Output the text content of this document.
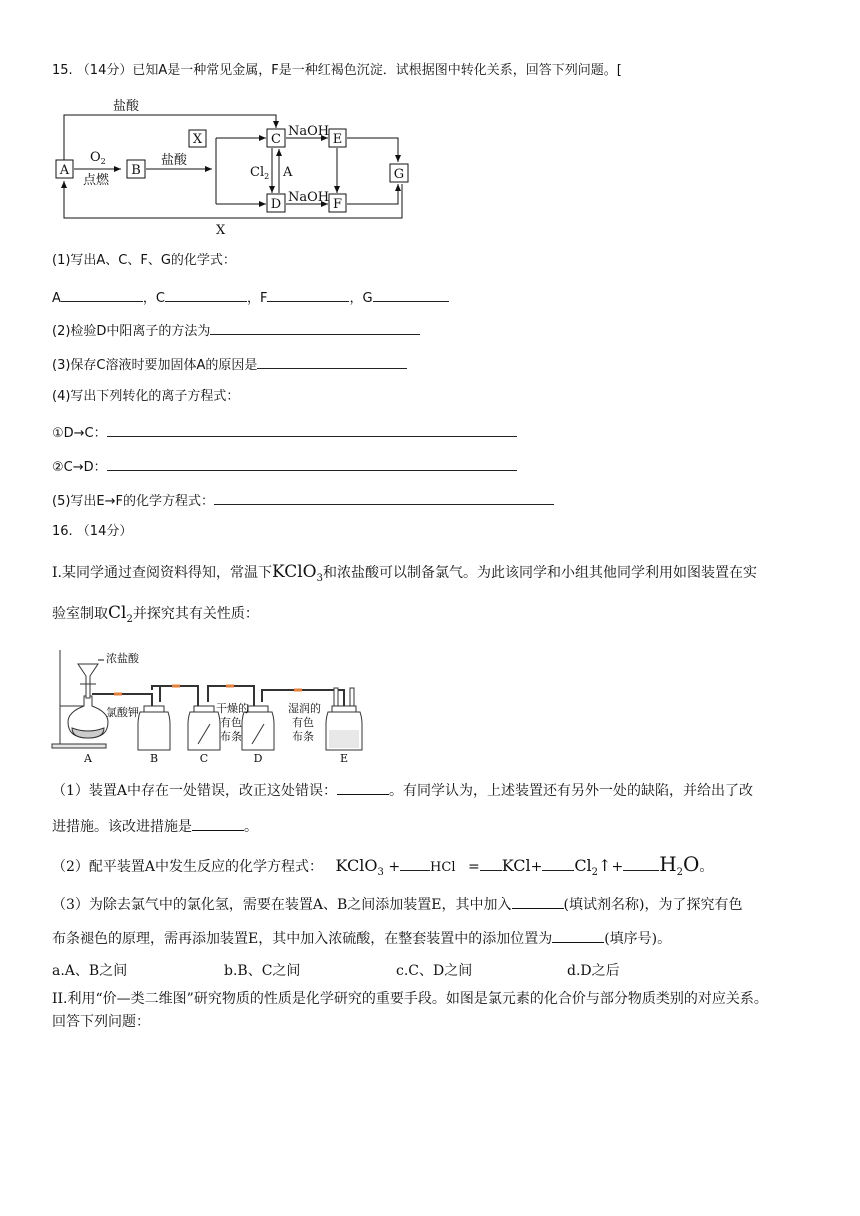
15. （14分）已知A是一种常见金属，F是一种红褐色沉淀．试根据图中转化关系，回答下列问题。[
A	B
C
D
E
F
G
X
盐酸
$O_2$
点燃
盐酸
$Cl_2$ A
NaOH
NaOH
X
(1)写出A、C、F、G的化学式：
A	，C	，F	，G
(2)检验D中阳离子的方法为
(3)保存C溶液时要加固体A的原因是
(4)写出下列转化的离子方程式：
①D→C：
②C→D：
(5)写出E→F的化学方程式：
16. （14分）
I.某同学通过查阅资料得知，常温下KClO$_3$和浓盐酸可以制备氯气。为此该同学和小组其他同学利用如图装置在实
验室制取$Cl_2$并探究其有关性质：
浓盐酸
氯酸钾	干燥的
有色
布条
湿润的
有色
布条
A	B	C	D	E
（1）装置A中存在一处错误，改正这处错误：	。有同学认为，上述装置还有另外一处的缺陷，并给出了改
进措施。该改进措施是	。
（2）配平装置A中发生反应的化学方程式： KClO$_3$ + HCl = $KCl+ Cl_2↑+ H_2O$。
（3）为除去氯气中的氯化氢，需要在装置A、B之间添加装置E，其中加入	(填试剂名称)，为了探究有色
布条褪色的原理，需再添加装置E，其中加入浓硫酸，在整套装置中的添加位置为	(填序号)。
a.A、B之间	b.B、C之间	c.C、D之间	d.D之后
II.利用“价—类二维图”研究物质的性质是化学研究的重要手段。如图是氯元素的化合价与部分物质类别的对应关系。
回答下列问题：
